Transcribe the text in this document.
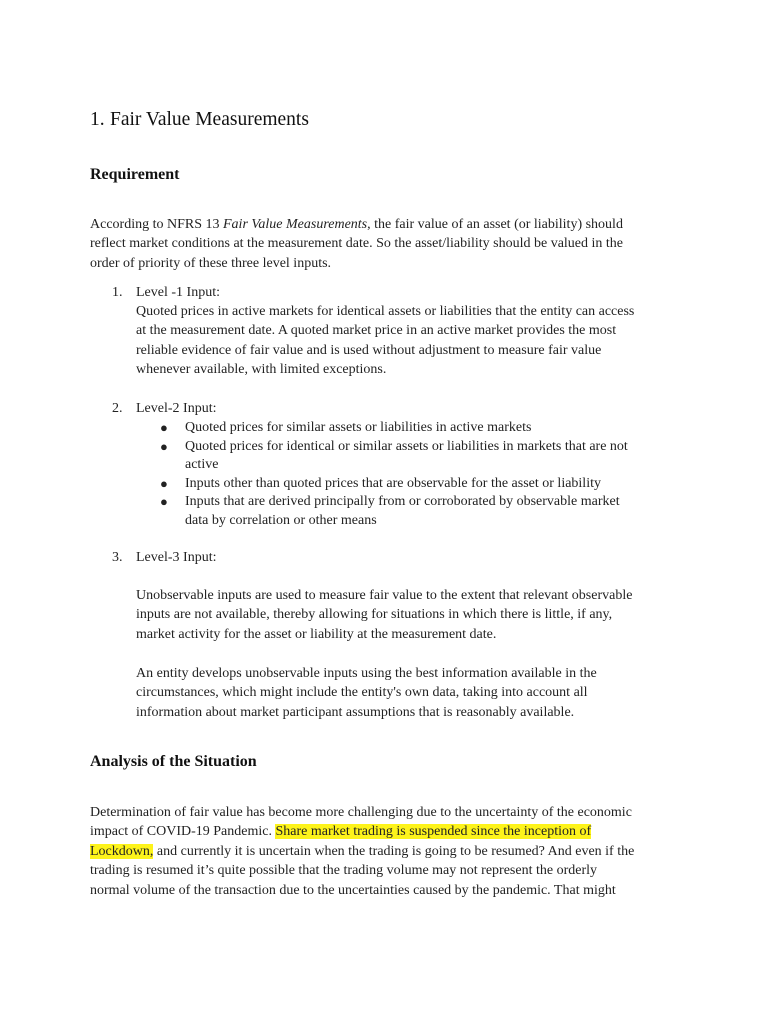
1. Fair Value Measurements
Requirement
According to NFRS 13 Fair Value Measurements, the fair value of an asset (or liability) should
reflect market conditions at the measurement date. So the asset/liability should be valued in the
order of priority of these three level inputs.
1. Level -1 Input:
Quoted prices in active markets for identical assets or liabilities that the entity can access
at the measurement date. A quoted market price in an active market provides the most
reliable evidence of fair value and is used without adjustment to measure fair value
whenever available, with limited exceptions.
2. Level-2 Input:
● Quoted prices for similar assets or liabilities in active markets
● Quoted prices for identical or similar assets or liabilities in markets that are not
active
● Inputs other than quoted prices that are observable for the asset or liability
● Inputs that are derived principally from or corroborated by observable market
data by correlation or other means
3. Level-3 Input:
Unobservable inputs are used to measure fair value to the extent that relevant observable
inputs are not available, thereby allowing for situations in which there is little, if any,
market activity for the asset or liability at the measurement date.
An entity develops unobservable inputs using the best information available in the
circumstances, which might include the entity's own data, taking into account all
information about market participant assumptions that is reasonably available.
Analysis of the Situation
Determination of fair value has become more challenging due to the uncertainty of the economic
impact of COVID-19 Pandemic. Share market trading is suspended since the inception of
Lockdown, and currently it is uncertain when the trading is going to be resumed? And even if the
trading is resumed it’s quite possible that the trading volume may not represent the orderly
normal volume of the transaction due to the uncertainties caused by the pandemic. That might
